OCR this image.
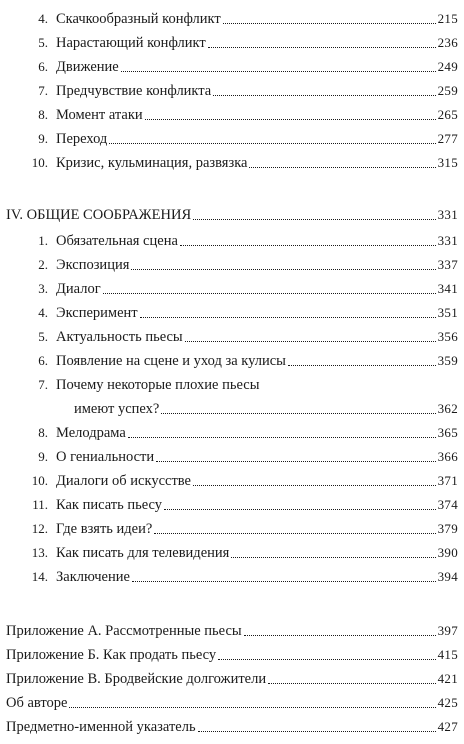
4. Скачкообразный конфликт	215
5. Нарастающий конфликт	236
6. Движение	249
7. Предчувствие конфликта	259
8. Момент атаки	265
9. Переход	277
10. Кризис, кульминация, развязка	315
IV. ОБЩИЕ СООБРАЖЕНИЯ	331
1. Обязательная сцена	331
2. Экспозиция	337
3. Диалог	341
4. Эксперимент	351
5. Актуальность пьесы	356
6. Появление на сцене и уход за кулисы	359
7. Почему некоторые плохие пьесы
имеют успех?	362
8. Мелодрама	365
9. О гениальности	366
10. Диалоги об искусстве	371
11. Как писать пьесу	374
12. Где взять идеи?	379
13. Как писать для телевидения	390
14. Заключение	394
Приложение А. Рассмотренные пьесы	397
Приложение Б. Как продать пьесу	415
Приложение В. Бродвейские долгожители	421
Об авторе	425
Предметно-именной указатель	427
